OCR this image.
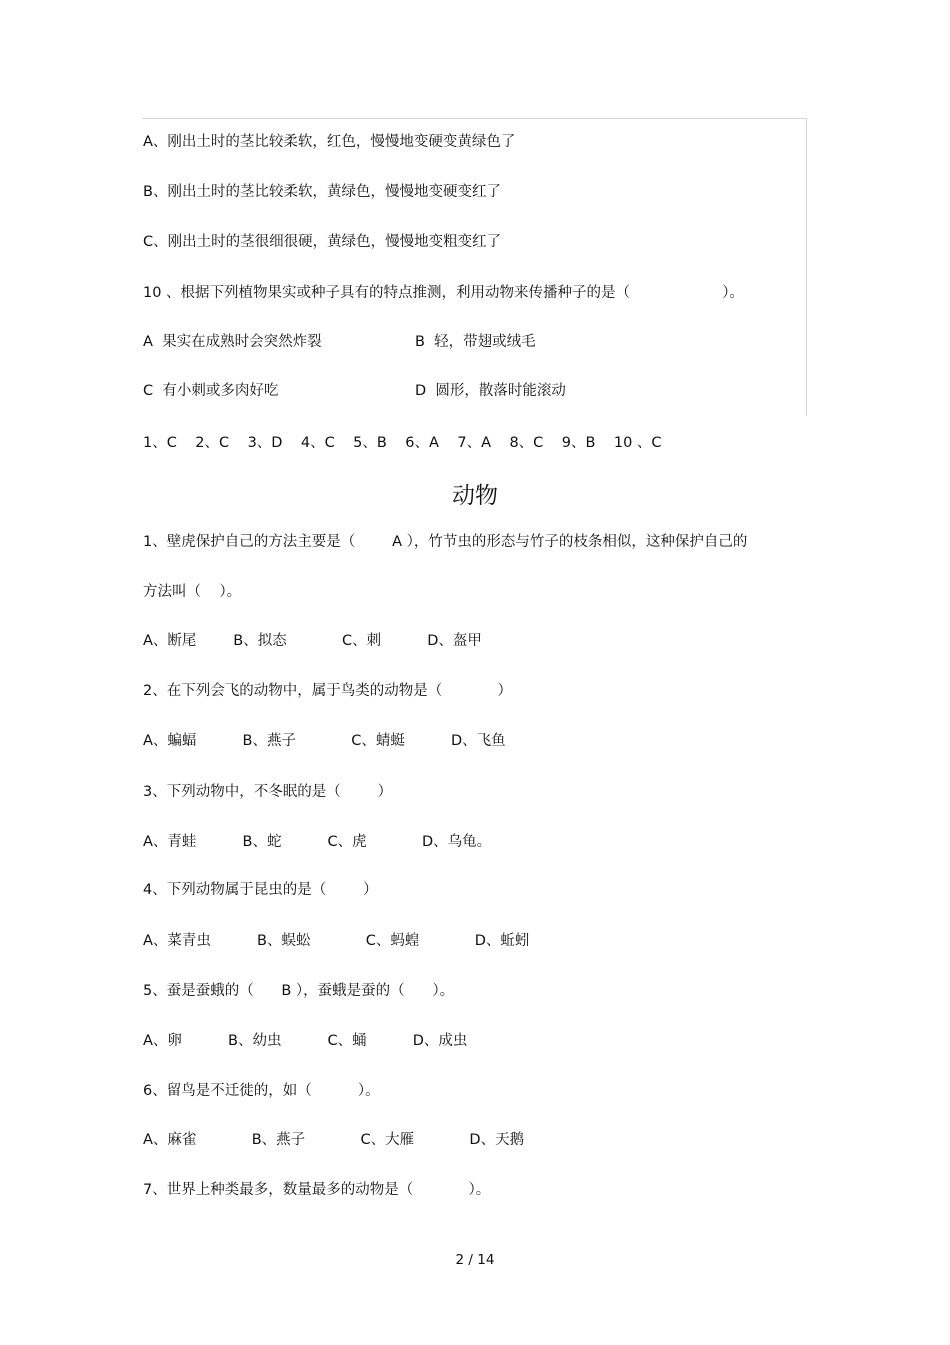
A、刚出土时的茎比较柔软，红色，慢慢地变硬变黄绿色了
B、刚出土时的茎比较柔软，黄绿色，慢慢地变硬变红了
C、刚出土时的茎很细很硬，黄绿色，慢慢地变粗变红了
10 、根据下列植物果实或种子具有的特点推测，利用动物来传播种子的是（                    ）。
A  果实在成熟时会突然炸裂	B  轻，带翅或绒毛
C  有小刺或多肉好吃	D  圆形，散落时能滚动
1、C    2、C    3、D    4、C    5、B    6、A    7、A    8、C    9、B    10 、C
动物
1、壁虎保护自己的方法主要是（        A ），竹节虫的形态与竹子的枝条相似，这种保护自己的
方法叫（    ）。
A、断尾        B、拟态            C、刺          D、盔甲
2、在下列会飞的动物中，属于鸟类的动物是（            ）
A、蝙蝠          B、燕子            C、蜻蜓          D、飞鱼
3、下列动物中，不冬眠的是（        ）
A、青蛙          B、蛇          C、虎            D、乌龟。
4、下列动物属于昆虫的是（        ）
A、菜青虫          B、蜈蚣            C、蚂蝗            D、蚯蚓
5、蚕是蚕蛾的（      B ），蚕蛾是蚕的（      ）。
A、卵          B、幼虫          C、蛹          D、成虫
6、留鸟是不迁徙的，如（          ）。
A、麻雀            B、燕子            C、大雁            D、天鹅
7、世界上种类最多，数量最多的动物是（            ）。
2 / 14
